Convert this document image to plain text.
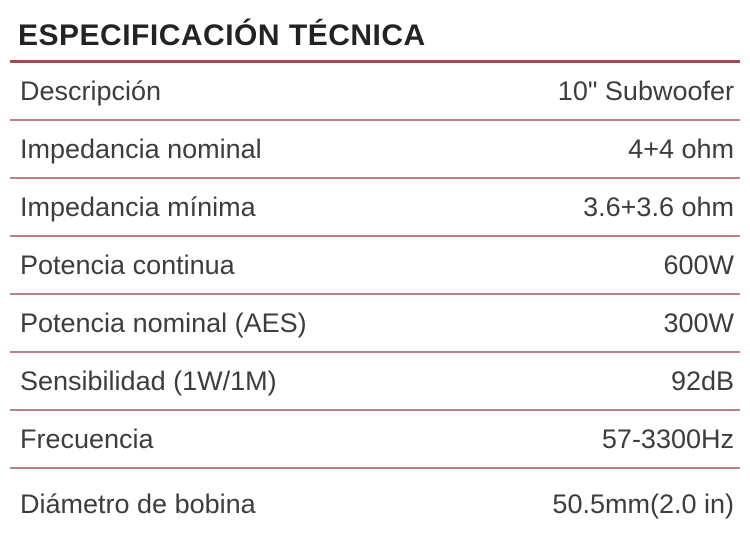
ESPECIFICACIÓN TÉCNICA
Descripción	10" Subwoofer
Impedancia nominal	4+4 ohm
Impedancia mínima	3.6+3.6 ohm
Potencia continua	600W
Potencia nominal (AES)	300W
Sensibilidad (1W/1M)	92dB
Frecuencia	57-3300Hz
Diámetro de bobina	50.5mm(2.0 in)
